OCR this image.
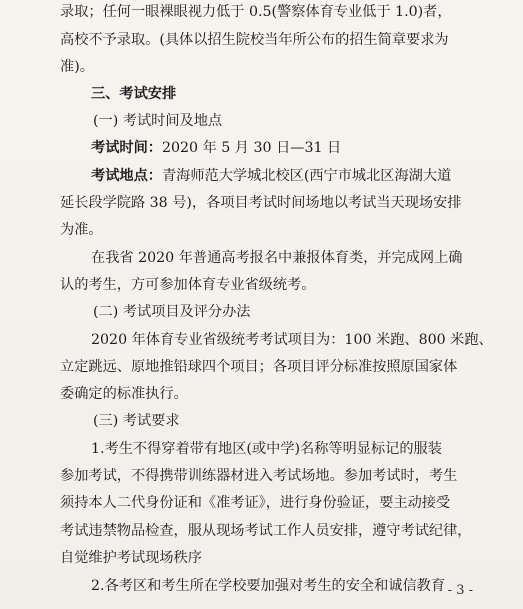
录取；任何一眼裸眼视力低于 0.5(警察体育专业低于 1.0)者，
高校不予录取。(具体以招生院校当年所公布的招生简章要求为
准)。
三、考试安排
(一) 考试时间及地点
考试时间：2020 年 5 月 30 日—31 日
考试地点：青海师范大学城北校区(西宁市城北区海湖大道
延长段学院路 38 号)，各项目考试时间场地以考试当天现场安排
为准。
在我省 2020 年普通高考报名中兼报体育类，并完成网上确
认的考生，方可参加体育专业省级统考。
(二) 考试项目及评分办法
2020 年体育专业省级统考考试项目为：100 米跑、800 米跑、
立定跳远、原地推铅球四个项目；各项目评分标准按照原国家体
委确定的标准执行。
(三) 考试要求
1.考生不得穿着带有地区(或中学)名称等明显标记的服装
参加考试，不得携带训练器材进入考试场地。参加考试时，考生
须持本人二代身份证和《准考证》，进行身份验证，要主动接受
考试违禁物品检查，服从现场考试工作人员安排，遵守考试纪律，
自觉维护考试现场秩序
2.各考区和考生所在学校要加强对考生的安全和诚信教育 - 3 -
